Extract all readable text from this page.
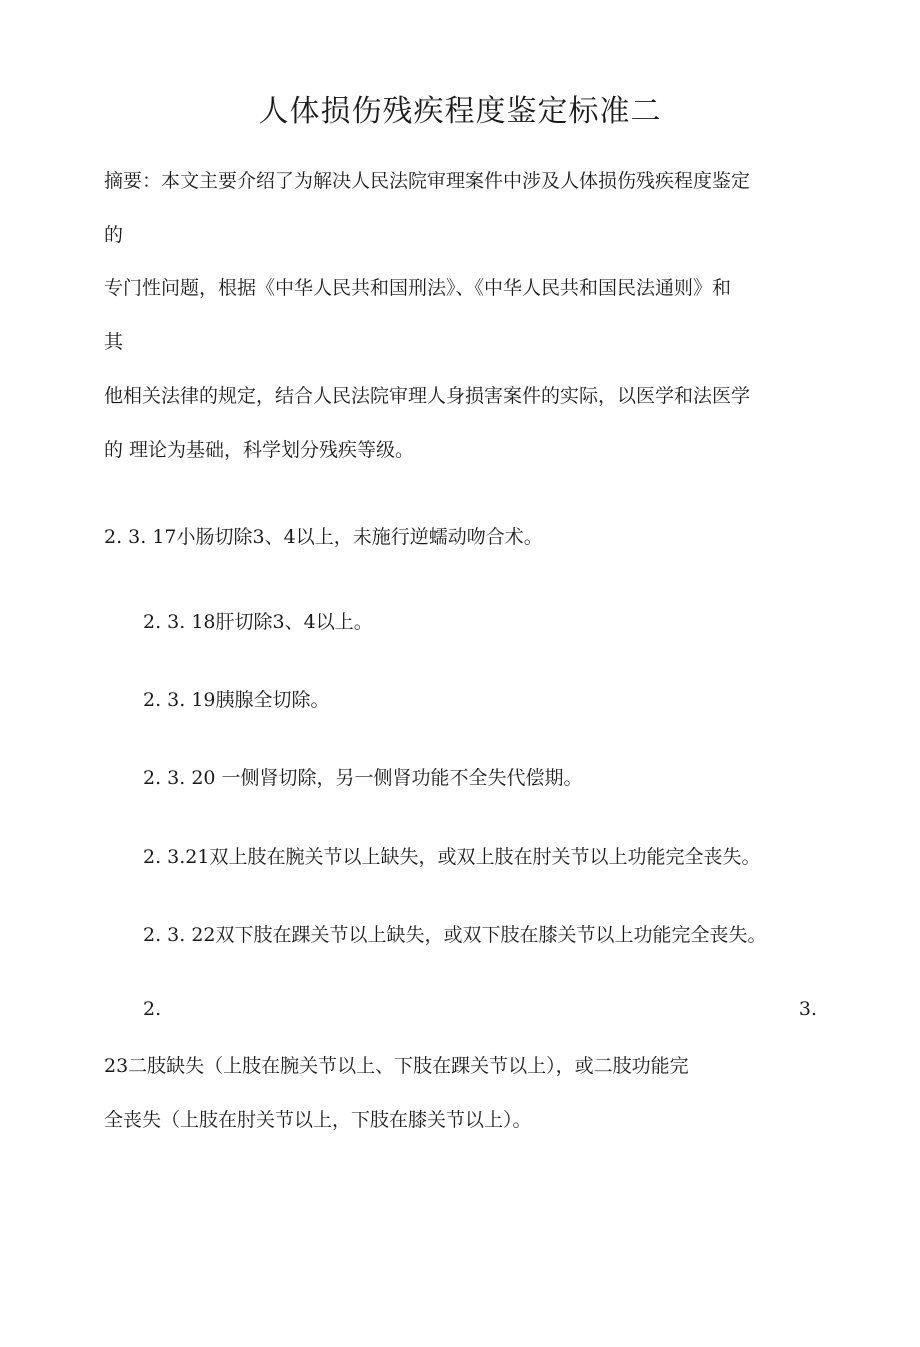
人体损伤残疾程度鉴定标准二

摘要：本文主要介绍了为解决人民法院审理案件中涉及人体损伤残疾程度鉴定

的

专门性问题，根据《中华人民共和国刑法》、《中华人民共和国民法通则》和

其

他相关法律的规定，结合人民法院审理人身损害案件的实际，以医学和法医学

的 理论为基础，科学划分残疾等级。

2. 3. 17小肠切除3、4以上，未施行逆蠕动吻合术。

2. 3. 18肝切除3、4以上。

2. 3. 19胰腺全切除。

2. 3. 20 一侧肾切除，另一侧肾功能不全失代偿期。

2. 3.21双上肢在腕关节以上缺失，或双上肢在肘关节以上功能完全丧失。

2. 3. 22双下肢在踝关节以上缺失，或双下肢在膝关节以上功能完全丧失。

2.	3.

23二肢缺失（上肢在腕关节以上、下肢在踝关节以上），或二肢功能完

全丧失（上肢在肘关节以上，下肢在膝关节以上）。
